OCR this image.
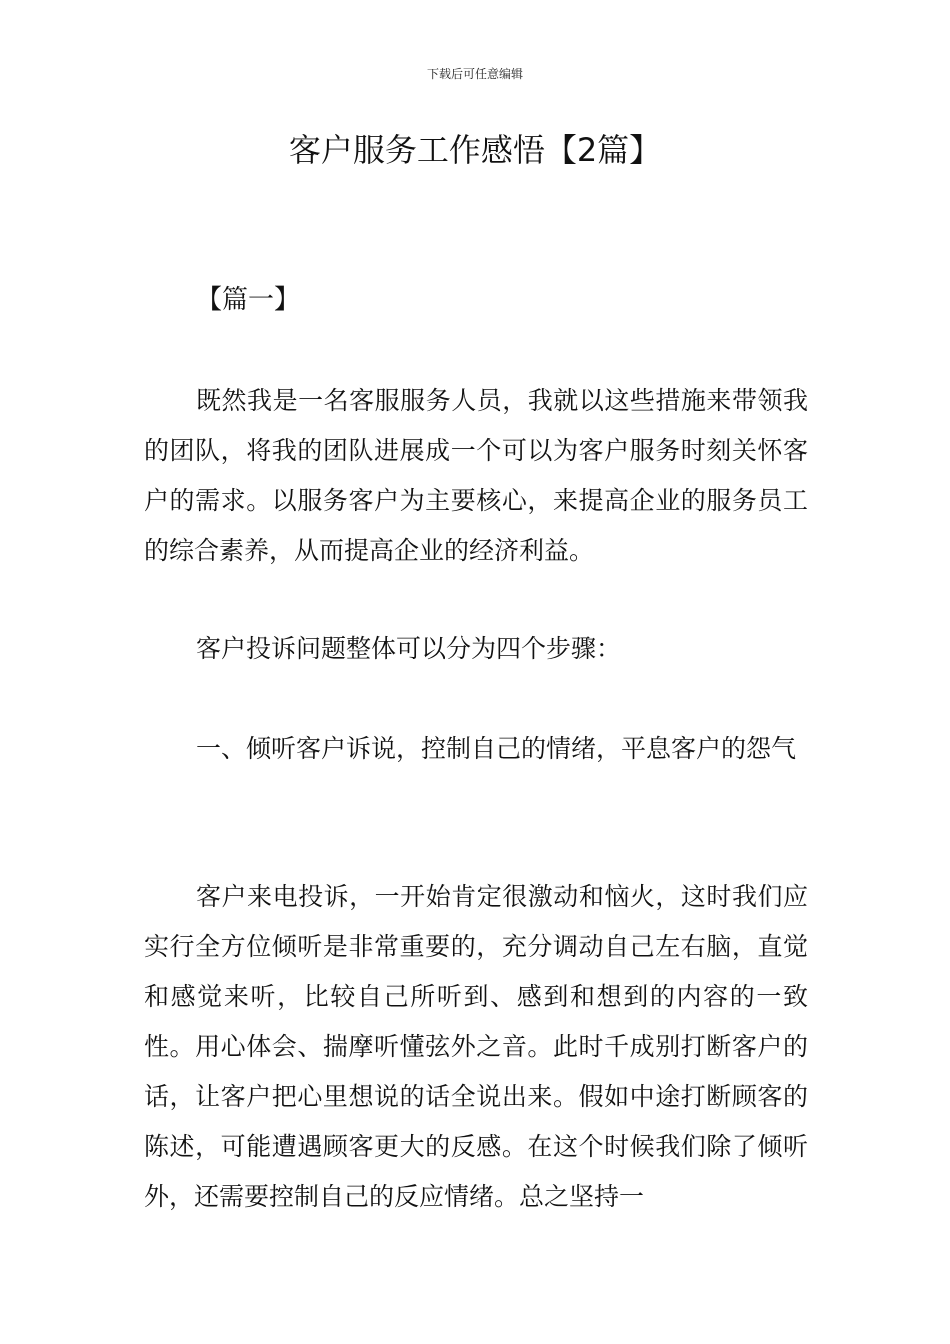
下载后可任意编辑
客户服务工作感悟【2篇】

【篇一】

既然我是一名客服服务人员，我就以这些措施来带领我的团队，将我的团队进展成一个可以为客户服务时刻关怀客户的需求。以服务客户为主要核心，来提高企业的服务员工的综合素养，从而提高企业的经济利益。

客户投诉问题整体可以分为四个步骤：

一、倾听客户诉说，控制自己的情绪，平息客户的怨气

客户来电投诉，一开始肯定很激动和恼火，这时我们应实行全方位倾听是非常重要的，充分调动自己左右脑，直觉和感觉来听，比较自己所听到、感到和想到的内容的一致性。用心体会、揣摩听懂弦外之音。此时千成别打断客户的话，让客户把心里想说的话全说出来。假如中途打断顾客的陈述，可能遭遇顾客更大的反感。在这个时候我们除了倾听外，还需要控制自己的反应情绪。总之坚持一
